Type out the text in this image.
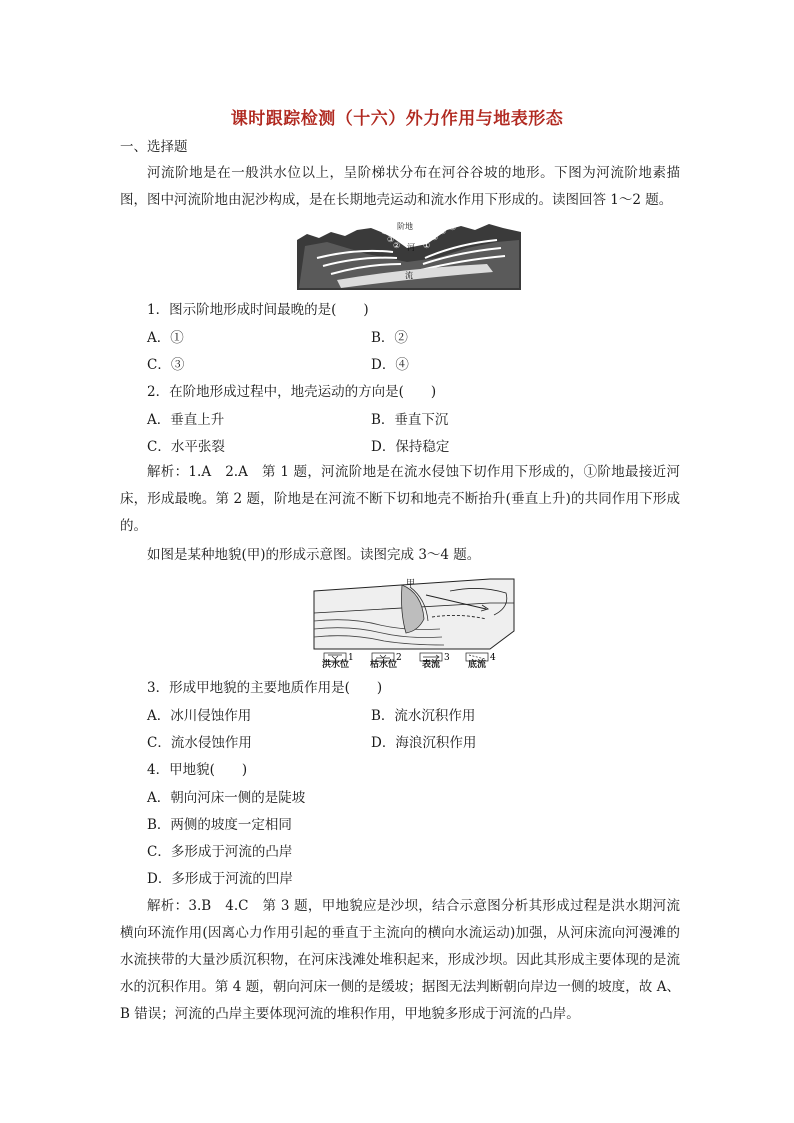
课时跟踪检测（十六）外力作用与地表形态
一、选择题
河流阶地是在一般洪水位以上，呈阶梯状分布在河谷谷坡的地形。下图为河流阶地素描图，图中河流阶地由泥沙构成，是在长期地壳运动和流水作用下形成的。读图回答 1～2 题。
阶地
河
流
④
③
②	①
②
③ ④
1．图示阶地形成时间最晚的是(　　)
A．①	B．②
C．③	D．④
2．在阶地形成过程中，地壳运动的方向是(　　)
A．垂直上升	B．垂直下沉
C．水平张裂	D．保持稳定
解析：1.A　2.A　第 1 题，河流阶地是在流水侵蚀下切作用下形成的，①阶地最接近河床，形成最晚。第 2 题，阶地是在河流不断下切和地壳不断抬升(垂直上升)的共同作用下形成的。
如图是某种地貌(甲)的形成示意图。读图完成 3～4 题。
甲
1	2	3	4
洪水位 枯水位	表流	底流
3．形成甲地貌的主要地质作用是(　　)
A．冰川侵蚀作用	B．流水沉积作用
C．流水侵蚀作用	D．海浪沉积作用
4．甲地貌(　　)
A．朝向河床一侧的是陡坡
B．两侧的坡度一定相同
C．多形成于河流的凸岸
D．多形成于河流的凹岸
解析：3.B　4.C　第 3 题，甲地貌应是沙坝，结合示意图分析其形成过程是洪水期河流横向环流作用(因离心力作用引起的垂直于主流向的横向水流运动)加强，从河床流向河漫滩的水流挟带的大量沙质沉积物，在河床浅滩处堆积起来，形成沙坝。因此其形成主要体现的是流水的沉积作用。第 4 题，朝向河床一侧的是缓坡；据图无法判断朝向岸边一侧的坡度，故 A、B 错误；河流的凸岸主要体现河流的堆积作用，甲地貌多形成于河流的凸岸。
